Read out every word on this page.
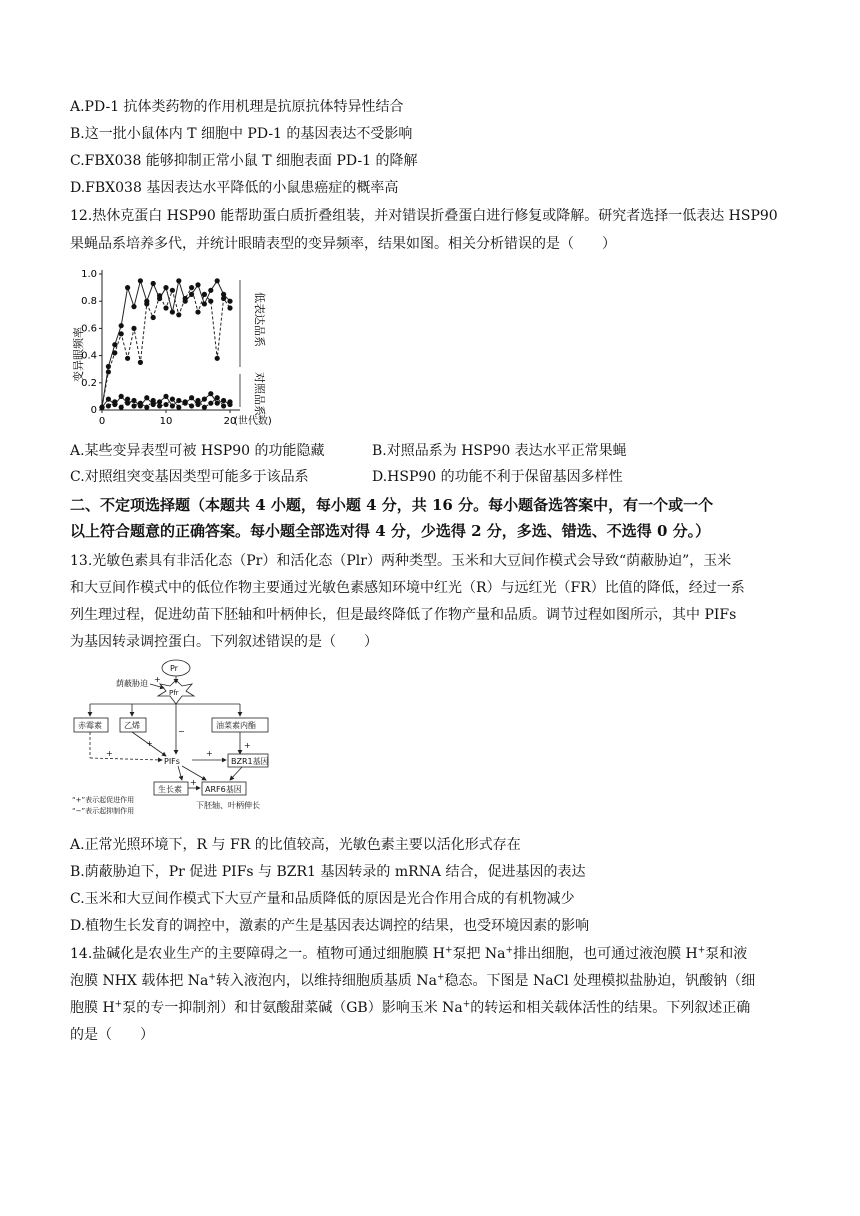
A.PD-1 抗体类药物的作用机理是抗原抗体特异性结合
B.这一批小鼠体内 T 细胞中 PD-1 的基因表达不受影响
C.FBX038 能够抑制正常小鼠 T 细胞表面 PD-1 的降解
D.FBX038 基因表达水平降低的小鼠患癌症的概率高
12.热休克蛋白 HSP90 能帮助蛋白质折叠组装，并对错误折叠蛋白进行修复或降解。研究者选择一低表达 HSP90
果蝇品系培养多代，并统计眼睛表型的变异频率，结果如图。相关分析错误的是（　　）
变异眼频率
0
0.2
0.4
0.6
0.8
1.0
0	10	20
低表达品系
对照品系
(世代数)
A.某些变异表型可被 HSP90 的功能隐藏	B.对照品系为 HSP90 表达水平正常果蝇
C.对照组突变基因类型可能多于该品系	D.HSP90 的功能不利于保留基因多样性
二、不定项选择题（本题共 4 小题，每小题 4 分，共 16 分。每小题备选答案中，有一个或一个
以上符合题意的正确答案。每小题全部选对得 4 分，少选得 2 分，多选、错选、不选得 0 分。）
13.光敏色素具有非活化态（Pr）和活化态（Plr）两种类型。玉米和大豆间作模式会导致“荫蔽胁迫”，玉米
和大豆间作模式中的低位作物主要通过光敏色素感知环境中红光（R）与远红光（FR）比值的降低，经过一系
列生理过程，促进幼苗下胚轴和叶柄伸长，但是最终降低了作物产量和品质。调节过程如图所示，其中 PIFs
为基因转录调控蛋白。下列叙述错误的是（　　）
Pr
Pfr
荫蔽胁迫 +
赤霉素	乙烯	油菜素内酯
+
−
+
PIFs
+
BZR1基因
+
生长素	ARF6基因
+
下胚轴、叶柄伸长
“+”表示起促进作用
“−”表示起抑制作用
A.正常光照环境下，R 与 FR 的比值较高，光敏色素主要以活化形式存在
B.荫蔽胁迫下，Pr 促进 PIFs 与 BZR1 基因转录的 mRNA 结合，促进基因的表达
C.玉米和大豆间作模式下大豆产量和品质降低的原因是光合作用合成的有机物减少
D.植物生长发育的调控中，激素的产生是基因表达调控的结果，也受环境因素的影响
14.盐碱化是农业生产的主要障碍之一。植物可通过细胞膜 H+泵把 Na+排出细胞，也可通过液泡膜 H+泵和液
泡膜 NHX 载体把 Na+转入液泡内，以维持细胞质基质 Na+稳态。下图是 NaCl 处理模拟盐胁迫，钒酸钠（细
胞膜 H+泵的专一抑制剂）和甘氨酸甜菜碱（GB）影响玉米 Na+的转运和相关载体活性的结果。下列叙述正确
的是（　　）
